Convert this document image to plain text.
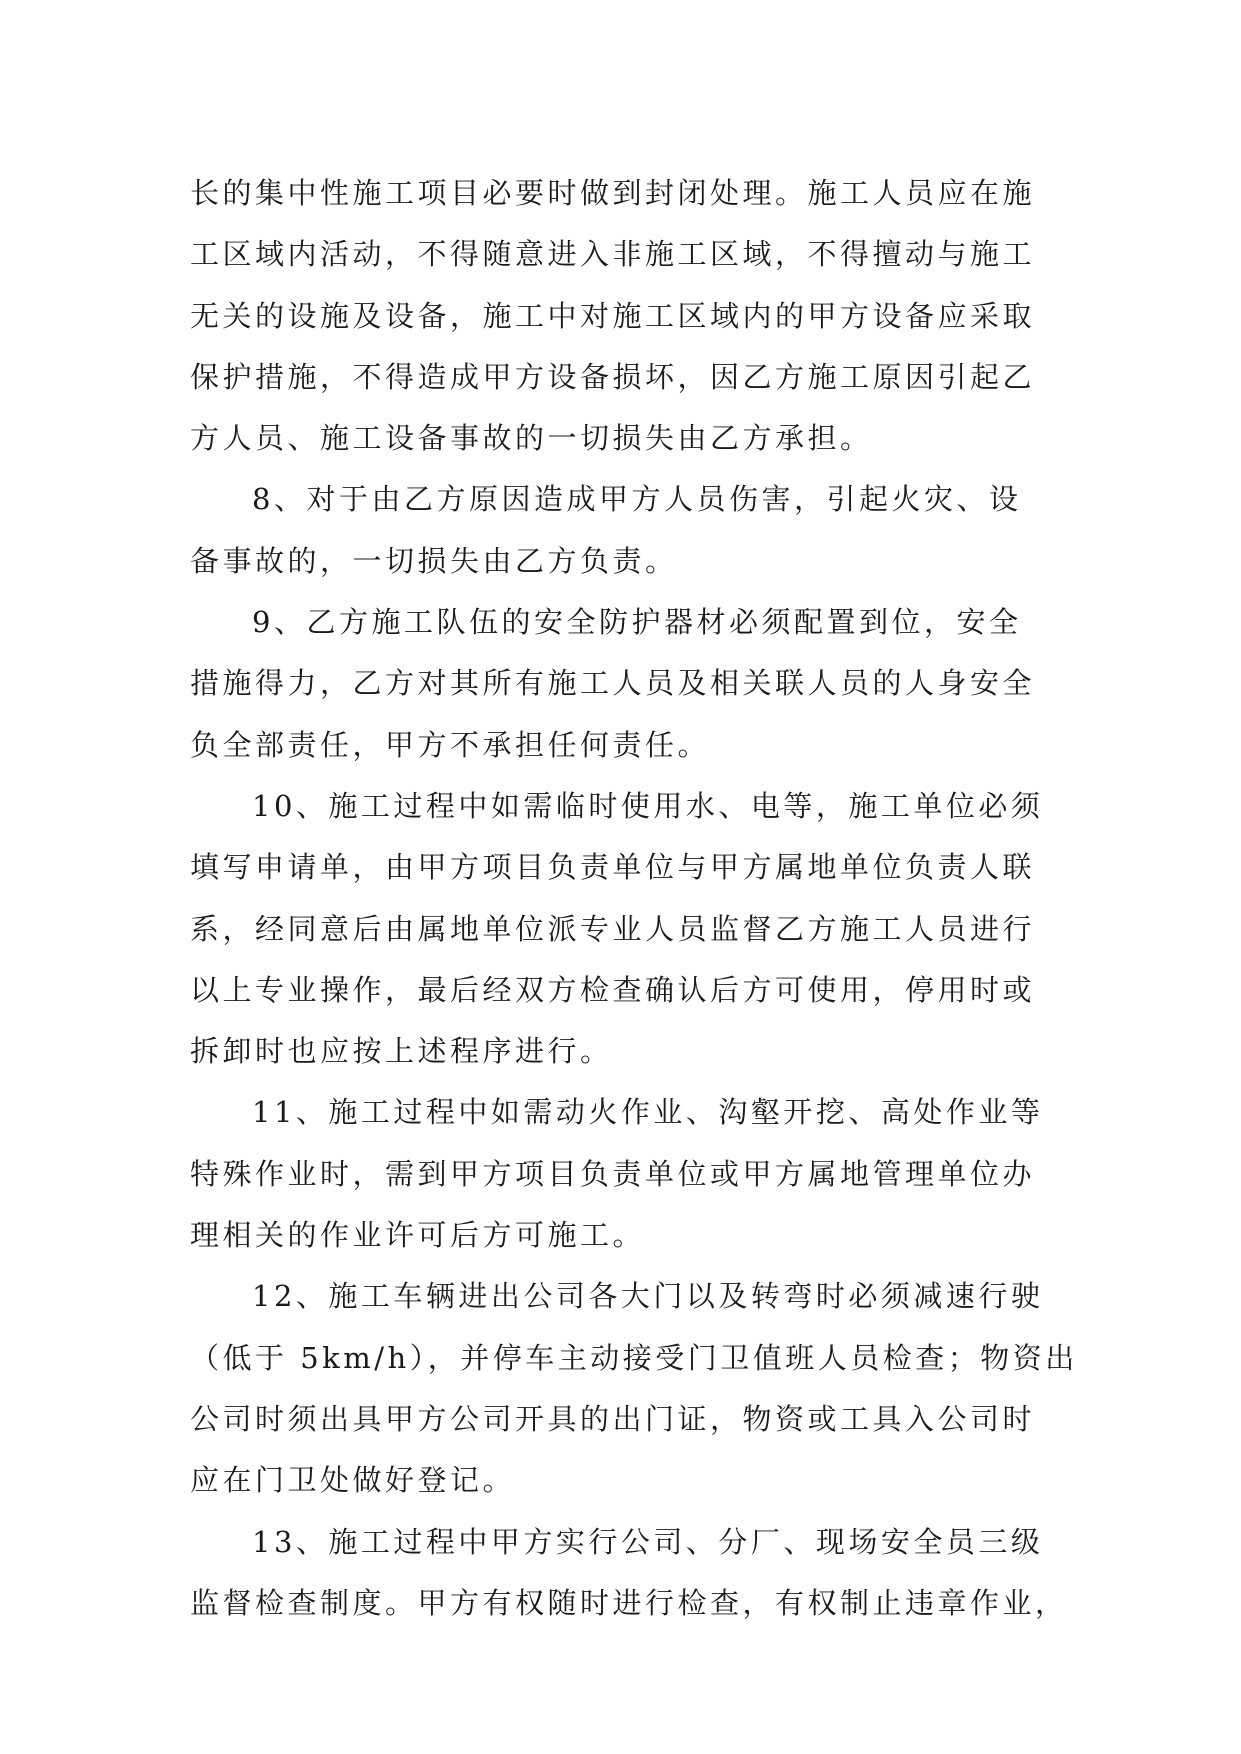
长的集中性施工项目必要时做到封闭处理。施工人员应在施
工区域内活动，不得随意进入非施工区域，不得擅动与施工
无关的设施及设备，施工中对施工区域内的甲方设备应采取
保护措施，不得造成甲方设备损坏，因乙方施工原因引起乙
方人员、施工设备事故的一切损失由乙方承担。
8、对于由乙方原因造成甲方人员伤害，引起火灾、设
备事故的，一切损失由乙方负责。
9、乙方施工队伍的安全防护器材必须配置到位，安全
措施得力，乙方对其所有施工人员及相关联人员的人身安全
负全部责任，甲方不承担任何责任。
10、施工过程中如需临时使用水、电等，施工单位必须
填写申请单，由甲方项目负责单位与甲方属地单位负责人联
系，经同意后由属地单位派专业人员监督乙方施工人员进行
以上专业操作，最后经双方检查确认后方可使用，停用时或
拆卸时也应按上述程序进行。
11、施工过程中如需动火作业、沟壑开挖、高处作业等
特殊作业时，需到甲方项目负责单位或甲方属地管理单位办
理相关的作业许可后方可施工。
12、施工车辆进出公司各大门以及转弯时必须减速行驶
（低于 5km/h），并停车主动接受门卫值班人员检查；物资出
公司时须出具甲方公司开具的出门证，物资或工具入公司时
应在门卫处做好登记。
13、施工过程中甲方实行公司、分厂、现场安全员三级
监督检查制度。甲方有权随时进行检查，有权制止违章作业，
